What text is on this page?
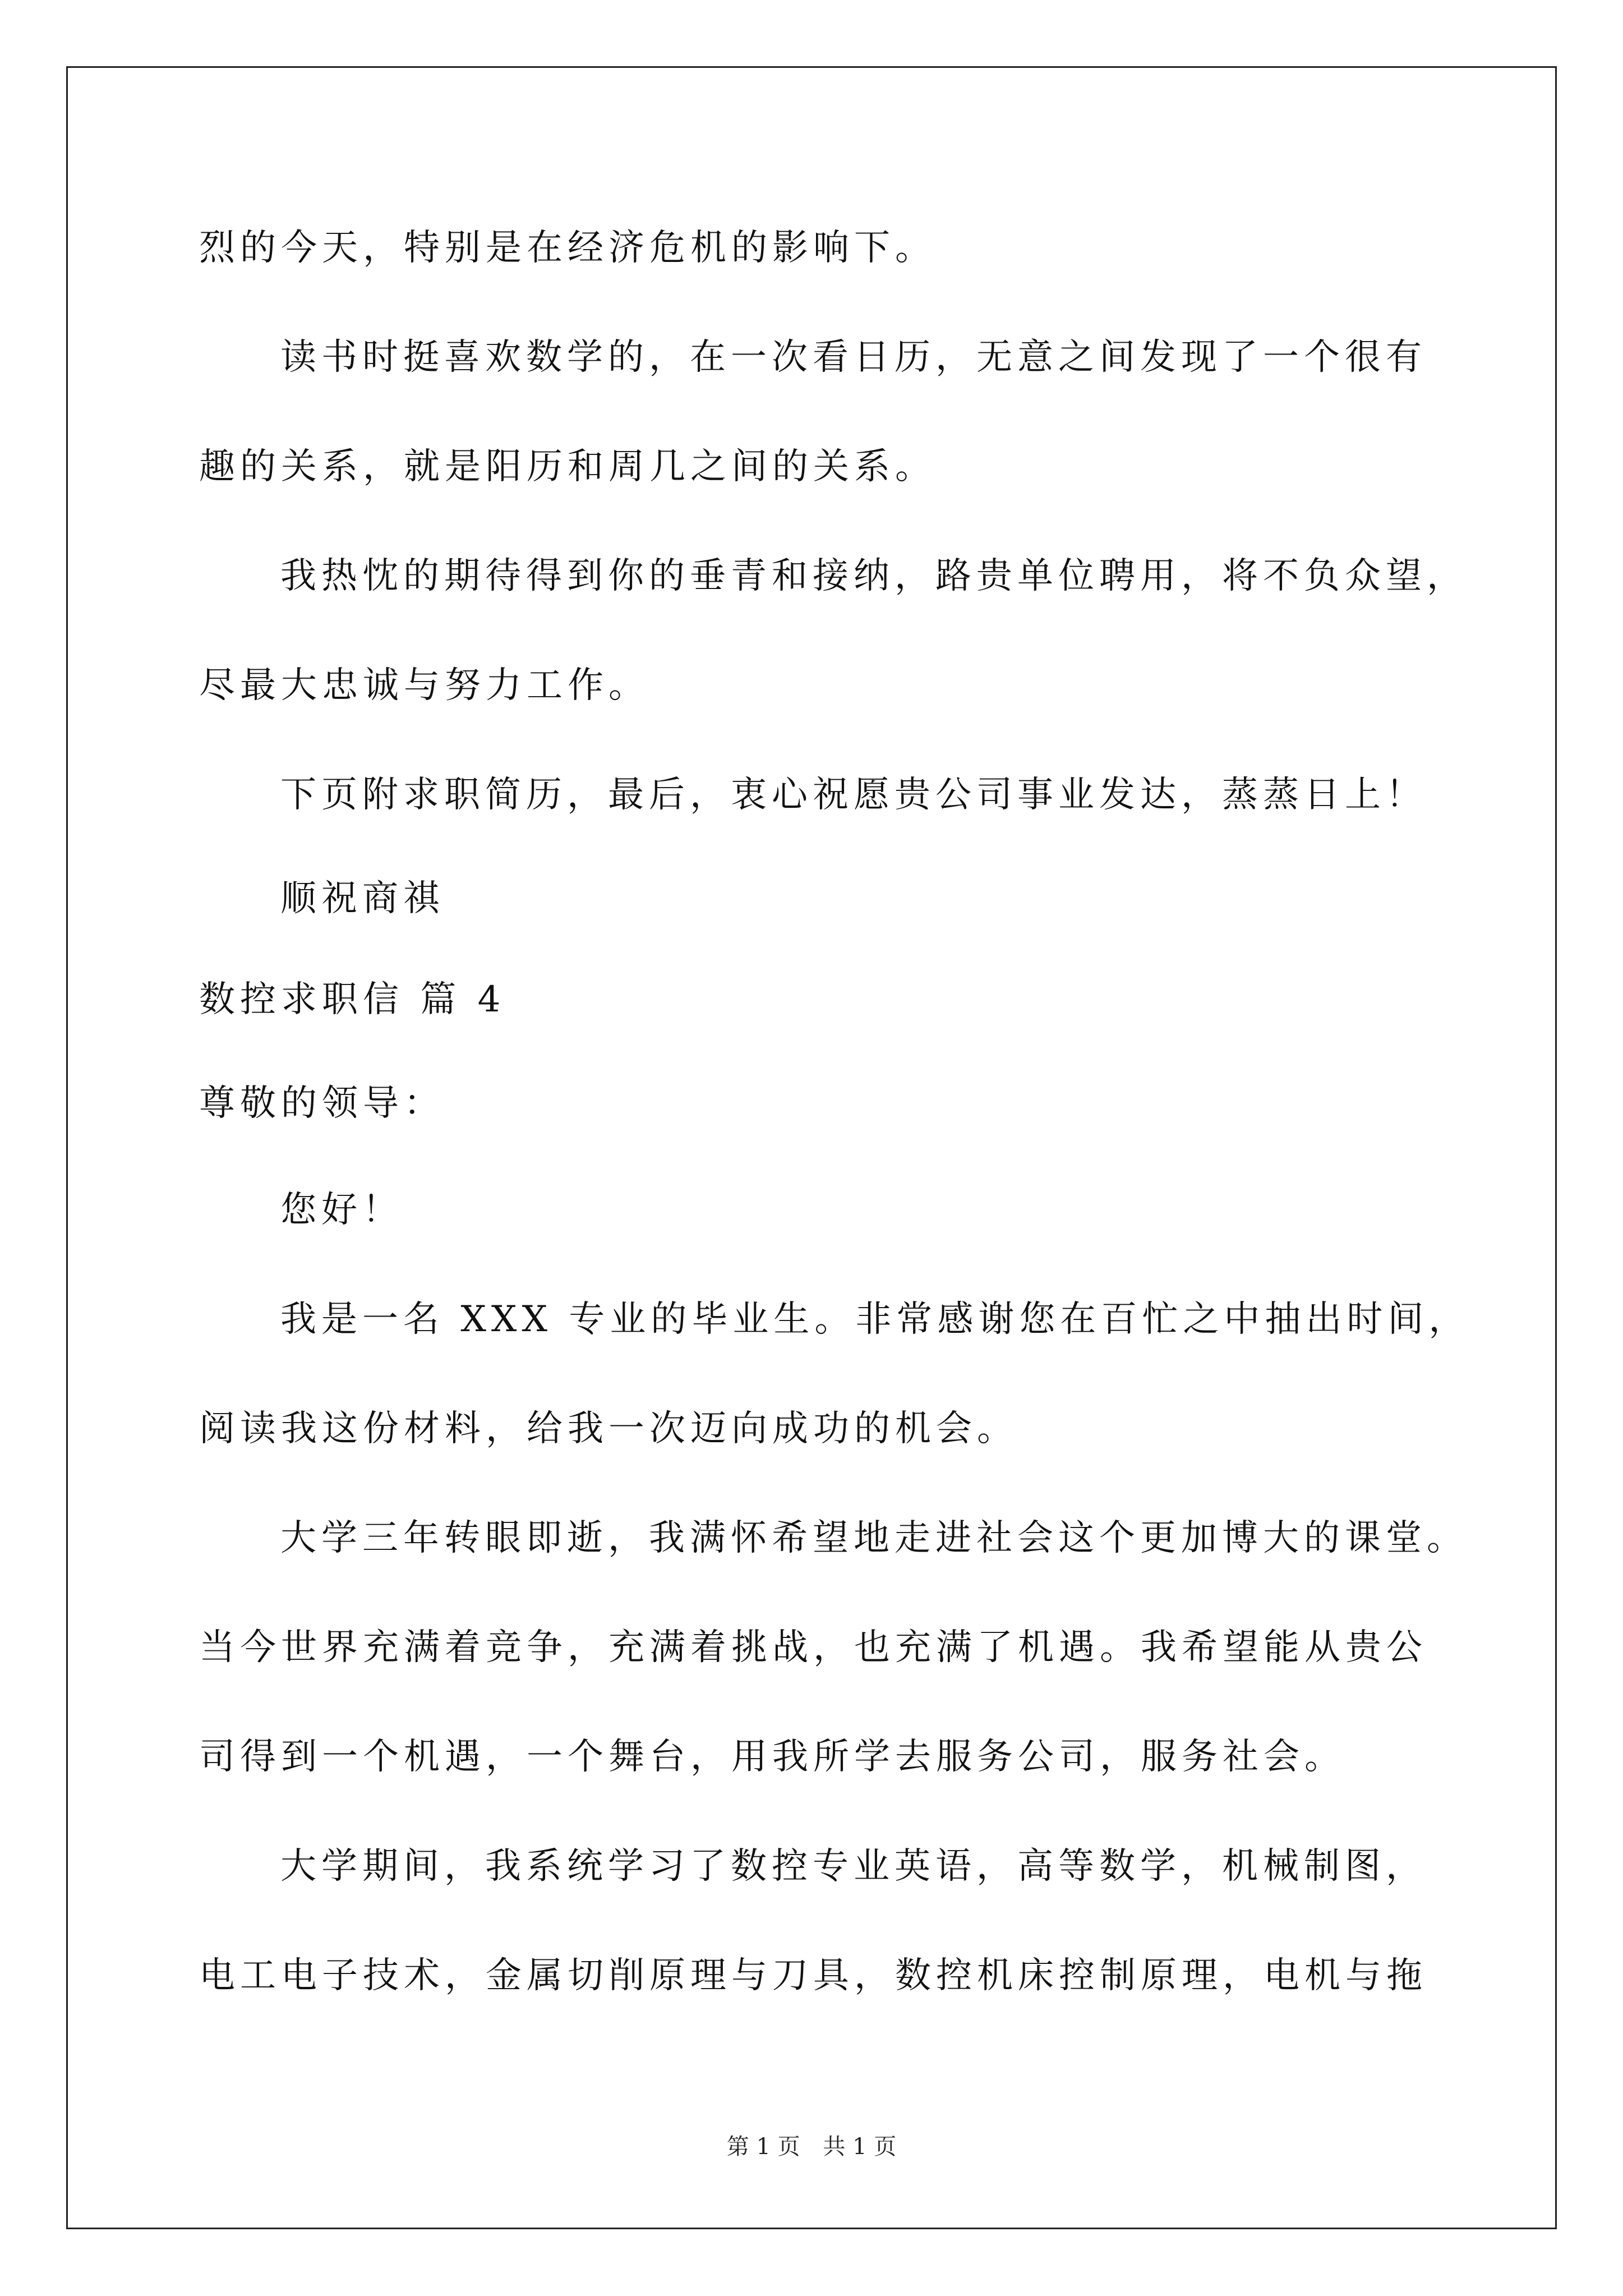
烈的今天，特别是在经济危机的影响下。
读书时挺喜欢数学的，在一次看日历，无意之间发现了一个很有
趣的关系，就是阳历和周几之间的关系。
我热忱的期待得到你的垂青和接纳，路贵单位聘用，将不负众望，
尽最大忠诚与努力工作。
下页附求职简历，最后，衷心祝愿贵公司事业发达，蒸蒸日上！
顺祝商祺
数控求职信 篇 4
尊敬的领导：
您好！
我是一名 XXX 专业的毕业生。非常感谢您在百忙之中抽出时间，
阅读我这份材料，给我一次迈向成功的机会。
大学三年转眼即逝，我满怀希望地走进社会这个更加博大的课堂。
当今世界充满着竞争，充满着挑战，也充满了机遇。我希望能从贵公
司得到一个机遇，一个舞台，用我所学去服务公司，服务社会。
大学期间，我系统学习了数控专业英语，高等数学，机械制图，
电工电子技术，金属切削原理与刀具，数控机床控制原理，电机与拖
第 1 页 共 1 页
